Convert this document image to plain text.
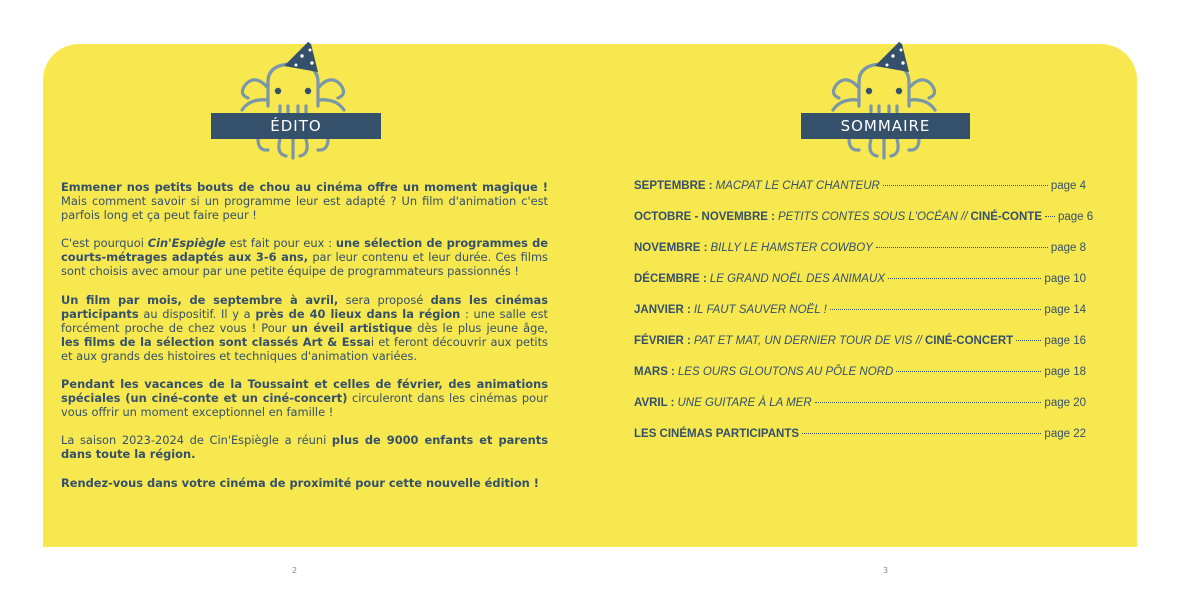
ÉDITO	SOMMAIRE

Emmener nos petits bouts de chou au cinéma offre un moment magique ! Mais comment savoir si un programme leur est adapté ? Un film d'animation c'est parfois long et ça peut faire peur !

C'est pourquoi Cin'Espiègle est fait pour eux : une sélection de programmes de courts-métrages adaptés aux 3-6 ans, par leur contenu et leur durée. Ces films sont choisis avec amour par une petite équipe de programmateurs passionnés !

Un film par mois, de septembre à avril, sera proposé dans les cinémas participants au dispositif. Il y a près de 40 lieux dans la région : une salle est forcément proche de chez vous ! Pour un éveil artistique dès le plus jeune âge, les films de la sélection sont classés Art & Essai et feront découvrir aux petits et aux grands des histoires et techniques d'animation variées.

Pendant les vacances de la Toussaint et celles de février, des animations spéciales (un ciné-conte et un ciné-concert) circuleront dans les cinémas pour vous offrir un moment exceptionnel en famille !

La saison 2023-2024 de Cin'Espiègle a réuni plus de 9000 enfants et parents dans toute la région.

Rendez-vous dans votre cinéma de proximité pour cette nouvelle édition !

SEPTEMBRE : MACPAT LE CHAT CHANTEUR	page 4
OCTOBRE - NOVEMBRE : PETITS CONTES SOUS L'OCÉAN // CINÉ-CONTE page 6
NOVEMBRE : BILLY LE HAMSTER COWBOY	page 8
DÉCEMBRE : LE GRAND NOËL DES ANIMAUX	page 10
JANVIER : IL FAUT SAUVER NOËL !	page 14
FÉVRIER : PAT ET MAT, UN DERNIER TOUR DE VIS // CINÉ-CONCERT	page 16
MARS : LES OURS GLOUTONS AU PÔLE NORD	page 18
AVRIL : UNE GUITARE À LA MER	page 20
LES CINÉMAS PARTICIPANTS	page 22
2	3
